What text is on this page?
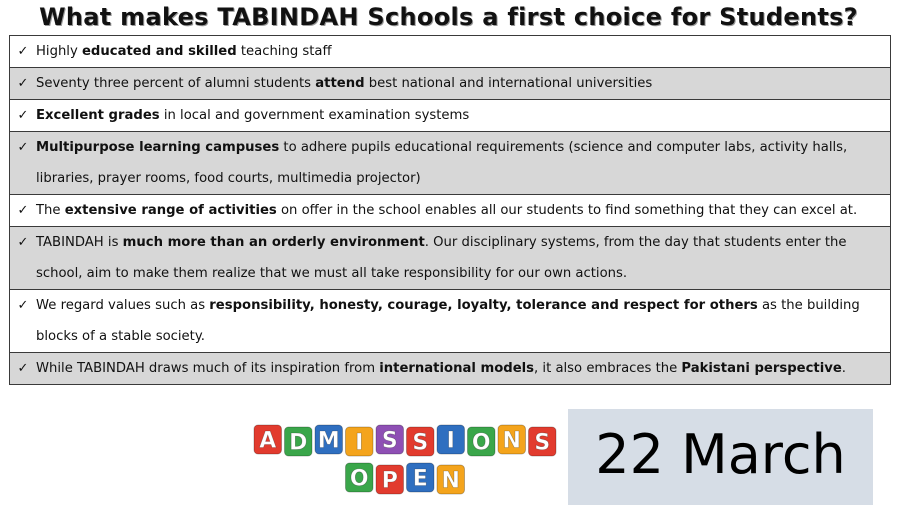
What makes TABINDAH Schools a first choice for Students?
✓	Highly educated and skilled teaching staff
✓	Seventy three percent of alumni students attend best national and international universities
✓	Excellent grades in local and government examination systems
✓	Multipurpose learning campuses to adhere pupils educational requirements (science and computer labs, activity halls, libraries, prayer rooms, food courts, multimedia projector)
✓	The extensive range of activities on offer in the school enables all our students to find something that they can excel at.
✓	TABINDAH is much more than an orderly environment. Our disciplinary systems, from the day that students enter the school, aim to make them realize that we must all take responsibility for our own actions.
✓	We regard values such as responsibility, honesty, courage, loyalty, tolerance and respect for others as the building blocks of a stable society.
✓	While TABINDAH draws much of its inspiration from international models, it also embraces the Pakistani perspective.
A D M I S S I O N S
O P E N	22 March
